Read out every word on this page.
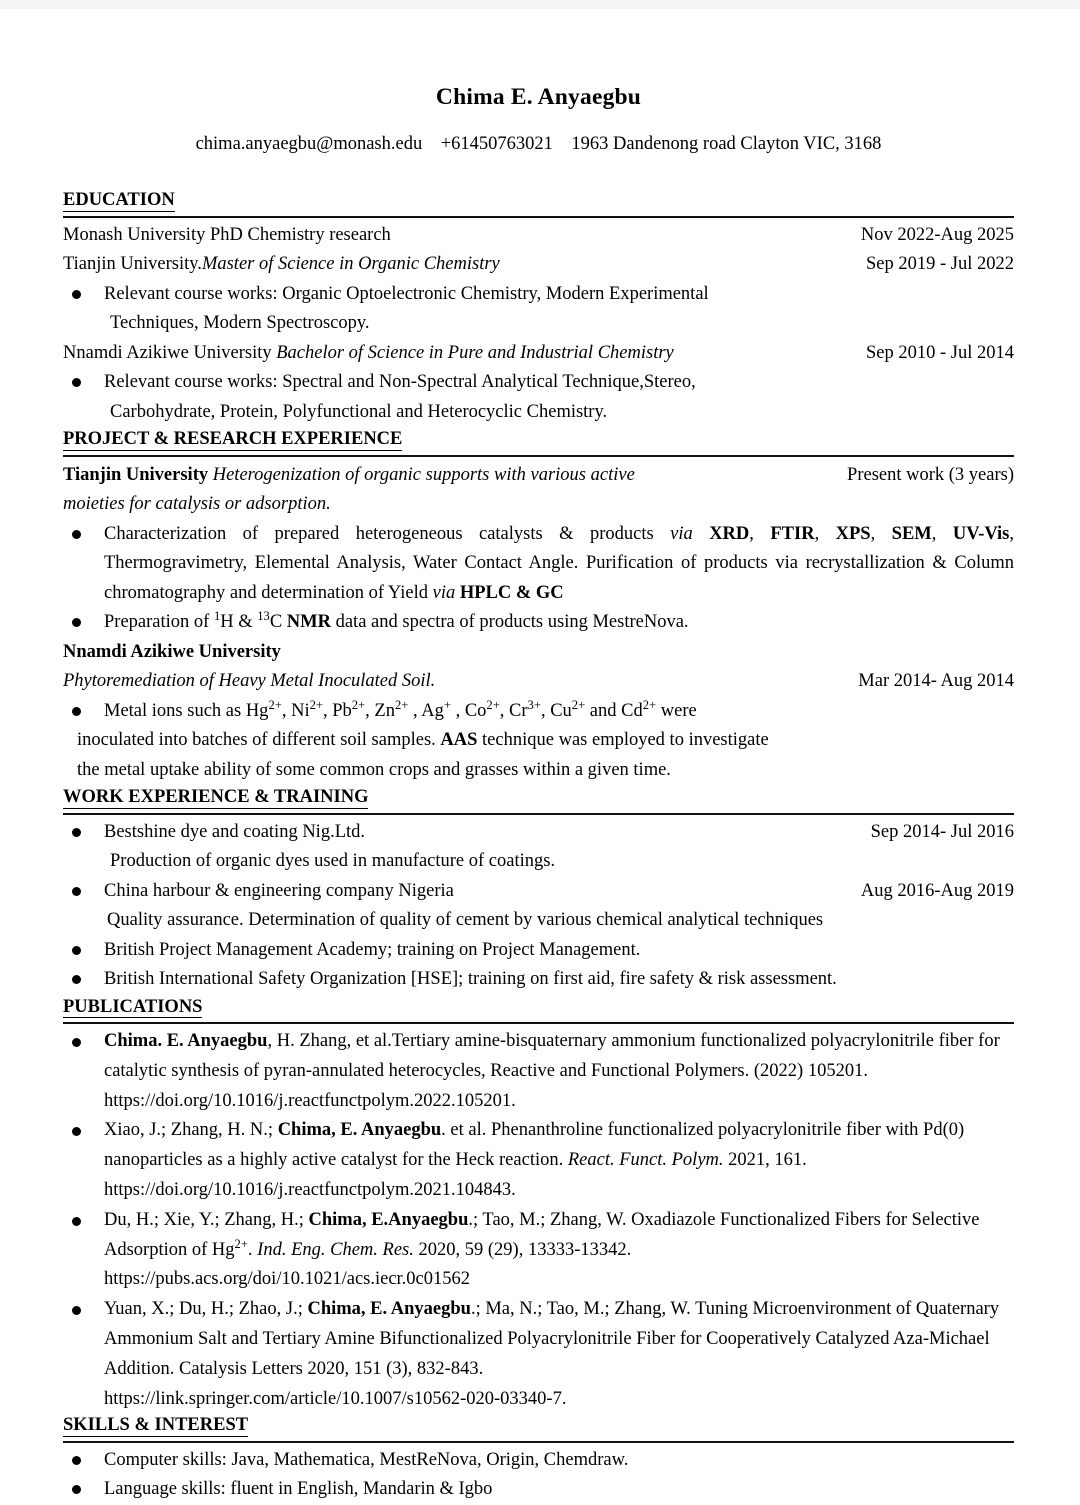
Chima E. Anyaegbu
chima.anyaegbu@monash.edu    +61450763021    1963 Dandenong road Clayton VIC, 3168
EDUCATION
Monash University PhD Chemistry research	Nov 2022-Aug 2025
Tianjin University.Master of Science in Organic Chemistry	Sep 2019 - Jul 2022
Relevant course works: Organic Optoelectronic Chemistry, Modern Experimental
Techniques, Modern Spectroscopy.
Nnamdi Azikiwe University Bachelor of Science in Pure and Industrial Chemistry	Sep 2010 - Jul 2014
Relevant course works: Spectral and Non-Spectral Analytical Technique,Stereo,
Carbohydrate, Protein, Polyfunctional and Heterocyclic Chemistry.
PROJECT & RESEARCH EXPERIENCE
Tianjin University Heterogenization of organic supports with various active	Present work (3 years)
moieties for catalysis or adsorption.
Characterization of prepared heterogeneous catalysts & products via XRD, FTIR, XPS, SEM, UV-Vis, Thermogravimetry, Elemental Analysis, Water Contact Angle. Purification of products via recrystallization & Column chromatography and determination of Yield via HPLC & GC
Preparation of $^1$H & $^{13}$C NMR data and spectra of products using MestreNova.
Nnamdi Azikiwe University
Phytoremediation of Heavy Metal Inoculated Soil.	Mar 2014- Aug 2014
Metal ions such as $Hg^{2+}$, $Ni^{2+}$, $Pb^{2+}$, $Zn^{2+}$ , Ag+ , $Co^{2+}$, $Cr^{3+}$, $Cu^{2+}$ and $Cd^{2+}$ were
inoculated into batches of different soil samples. AAS technique was employed to investigate
the metal uptake ability of some common crops and grasses within a given time.
WORK EXPERIENCE & TRAINING
Bestshine dye and coating Nig.Ltd.	Sep 2014- Jul 2016
Production of organic dyes used in manufacture of coatings.
China harbour & engineering company Nigeria	Aug 2016-Aug 2019
Quality assurance. Determination of quality of cement by various chemical analytical techniques
British Project Management Academy; training on Project Management.
British International Safety Organization [HSE]; training on first aid, fire safety & risk assessment.
PUBLICATIONS
Chima. E. Anyaegbu, H. Zhang, et al.Tertiary amine-bisquaternary ammonium functionalized polyacrylonitrile fiber for catalytic synthesis of pyran-annulated heterocycles, Reactive and Functional Polymers. (2022) 105201.
https://doi.org/10.1016/j.reactfunctpolym.2022.105201.
Xiao, J.; Zhang, H. N.; Chima, E. Anyaegbu. et al. Phenanthroline functionalized polyacrylonitrile fiber with Pd(0) nanoparticles as a highly active catalyst for the Heck reaction. React. Funct. Polym. 2021, 161.
https://doi.org/10.1016/j.reactfunctpolym.2021.104843.
Du, H.; Xie, Y.; Zhang, H.; Chima, E.Anyaegbu.; Tao, M.; Zhang, W. Oxadiazole Functionalized Fibers for Selective Adsorption of $Hg^{2+}$. Ind. Eng. Chem. Res. 2020, 59 (29), 13333-13342.
https://pubs.acs.org/doi/10.1021/acs.iecr.0c01562
Yuan, X.; Du, H.; Zhao, J.; Chima, E. Anyaegbu.; Ma, N.; Tao, M.; Zhang, W. Tuning Microenvironment of Quaternary Ammonium Salt and Tertiary Amine Bifunctionalized Polyacrylonitrile Fiber for Cooperatively Catalyzed Aza-Michael Addition. Catalysis Letters 2020, 151 (3), 832-843.
https://link.springer.com/article/10.1007/s10562-020-03340-7.
SKILLS & INTEREST
Computer skills: Java, Mathematica, MestReNova, Origin, Chemdraw.
Language skills: fluent in English, Mandarin & Igbo
